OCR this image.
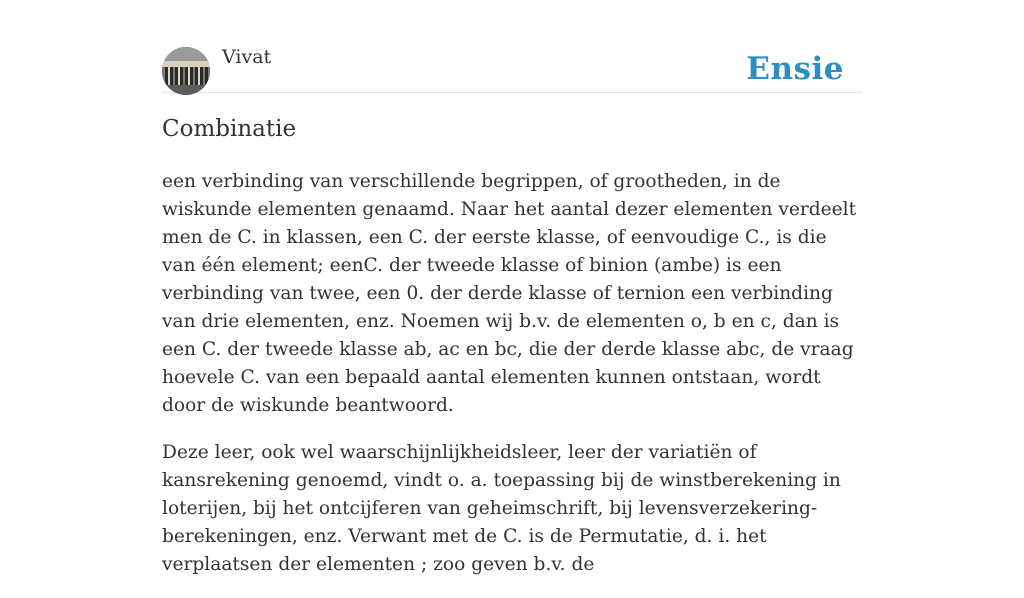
Vivat	Ensie
Combinatie

een verbinding van verschillende begrippen, of grootheden, in de wiskunde elementen genaamd. Naar het aantal dezer elementen verdeelt men de C. in klassen, een C. der eerste klasse, of eenvoudige C., is die van één element; eenC. der tweede klasse of binion (ambe) is een verbinding van twee, een 0. der derde klasse of ternion een verbinding van drie elementen, enz. Noemen wij b.v. de elementen o, b en c, dan is een C. der tweede klasse ab, ac en bc, die der derde klasse abc, de vraag hoevele C. van een bepaald aantal elementen kunnen ontstaan, wordt door de wiskunde beantwoord.

Deze leer, ook wel waarschijnlijkheidsleer, leer der variatiën of kansrekening genoemd, vindt o. a. toepassing bij de winstberekening in loterijen, bij het ontcijferen van geheimschrift, bij levensverzekering-berekeningen, enz. Verwant met de C. is de Permutatie, d. i. het verplaatsen der elementen ; zoo geven b.v. de
